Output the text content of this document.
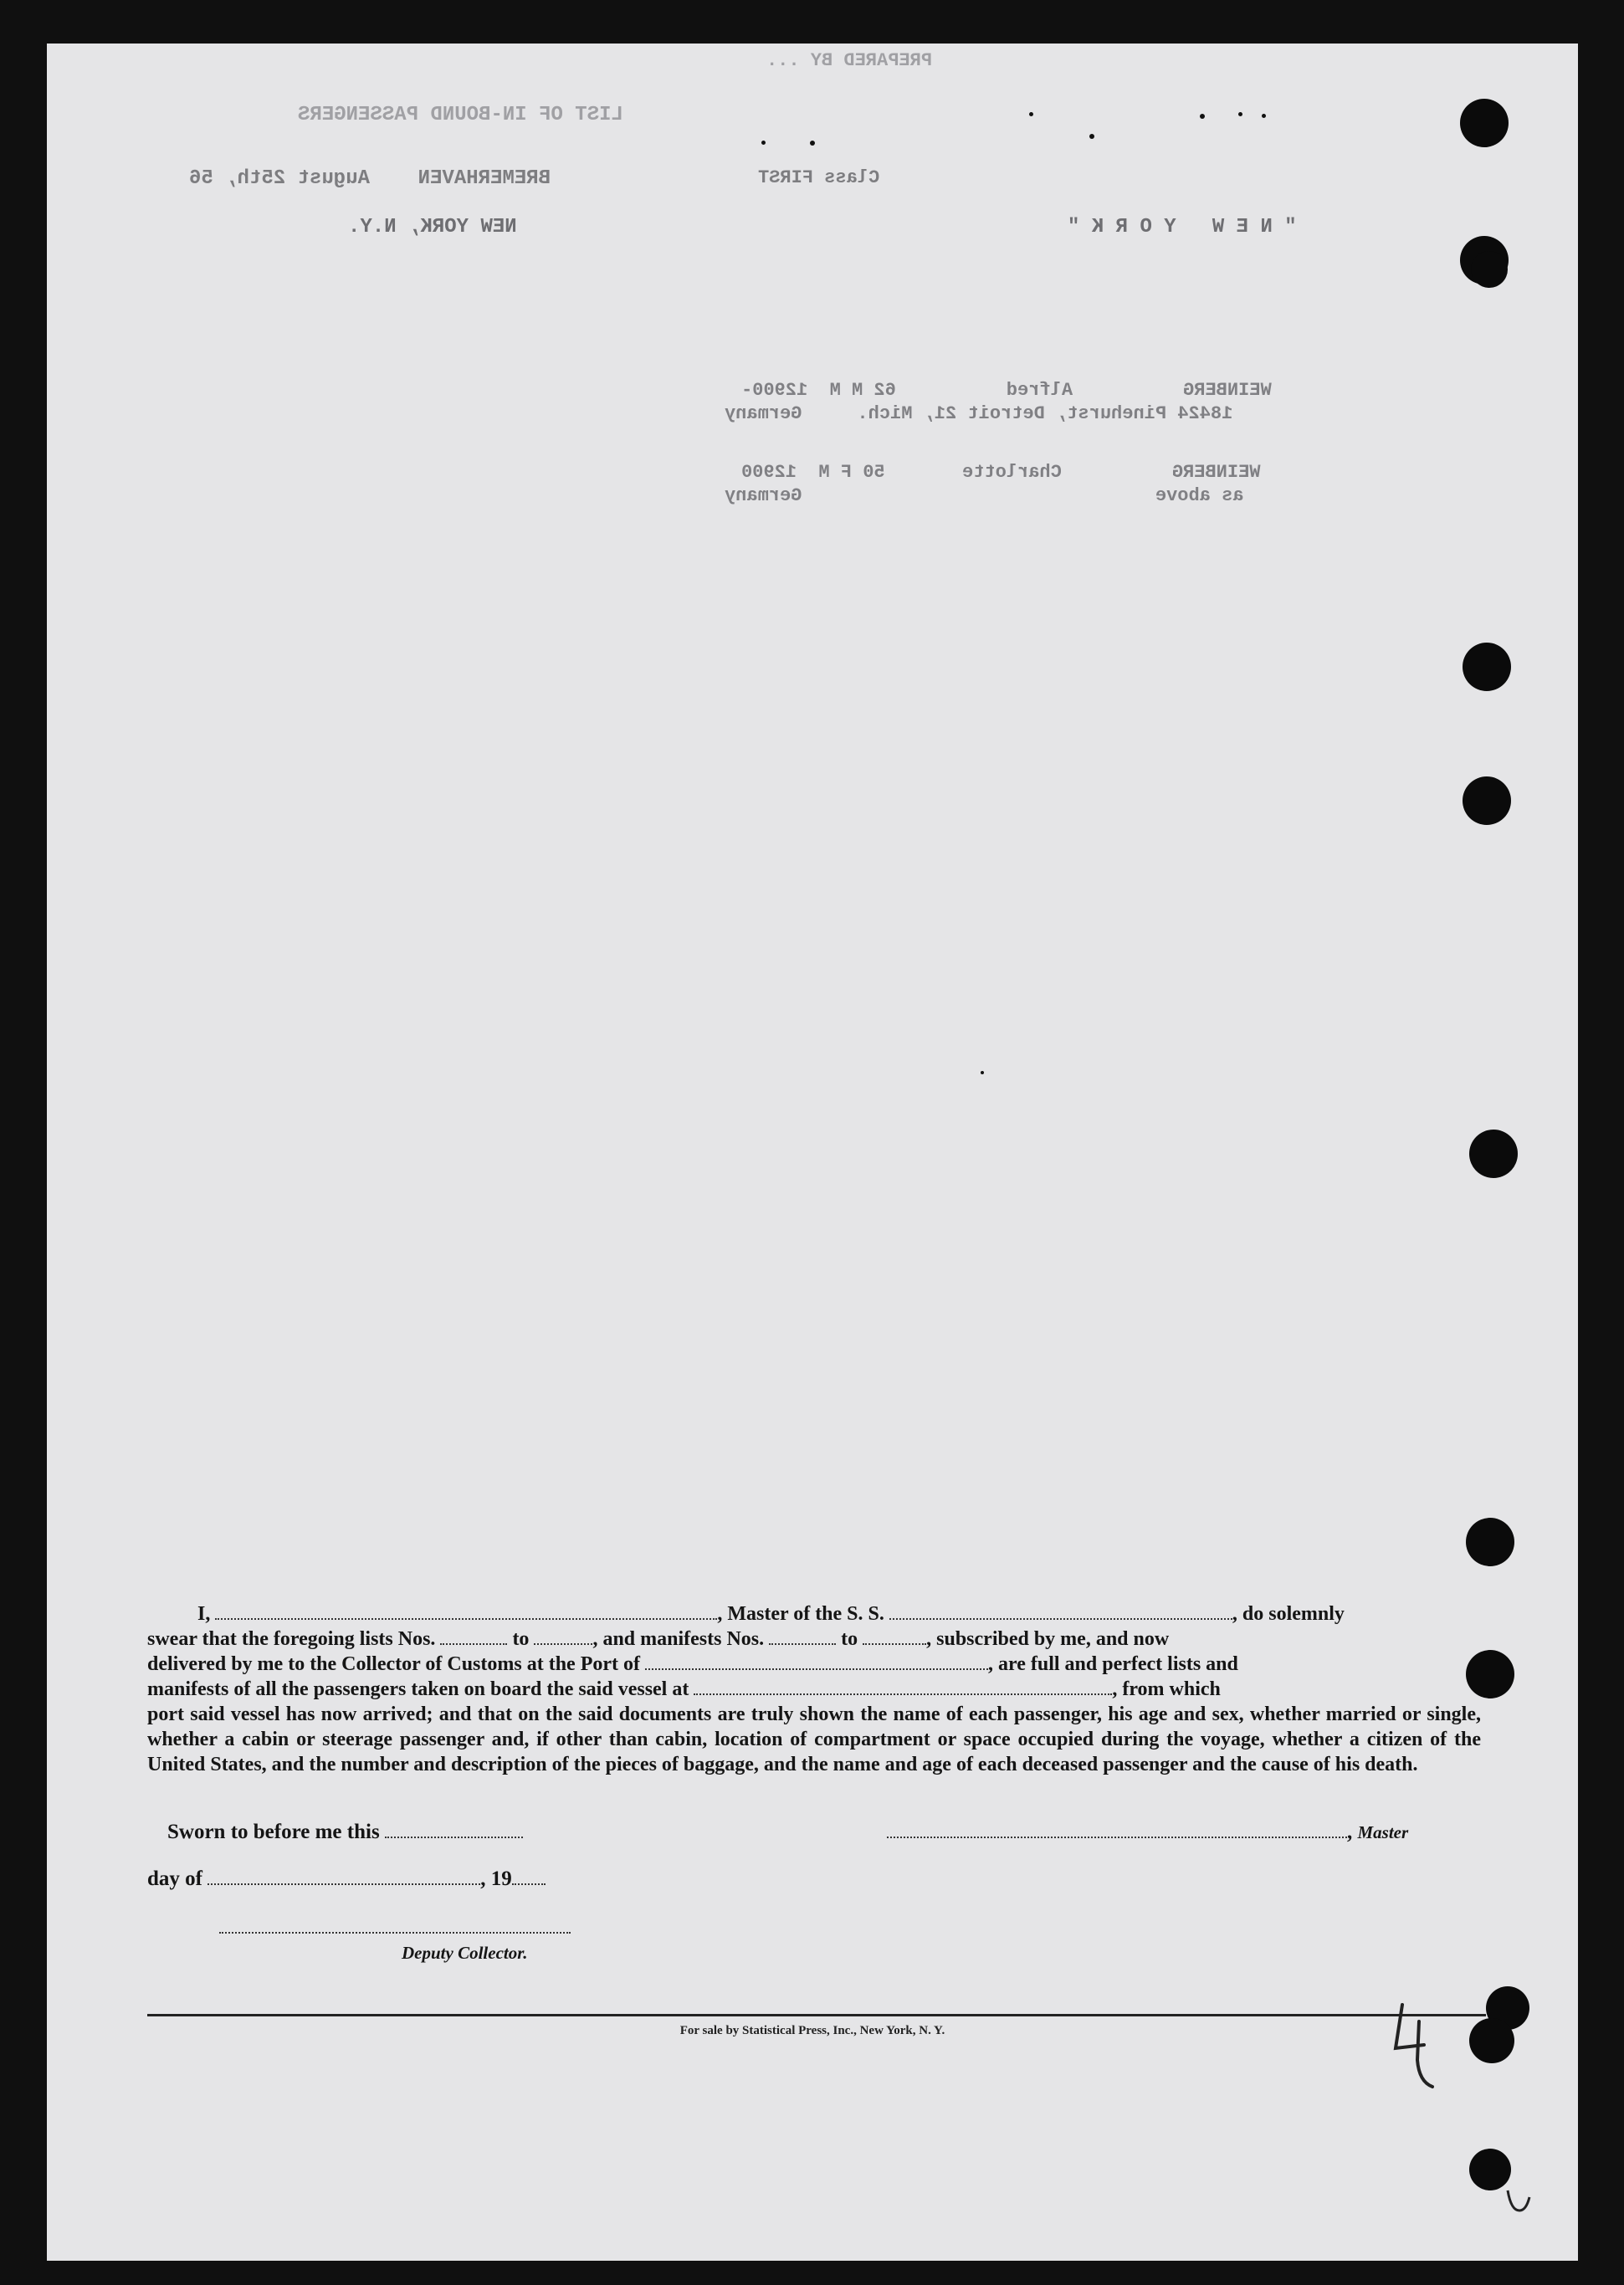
PREPARED BY ...
LIST OF IN-BOUND PASSENGERS
BREMERHAVEN    August 25th, 56	Class FIRST
NEW YORK, N.Y.	" N E W   Y O R K "
WEINBERG          Alfred          62 M M  12900-
18424 Pinehurst, Detroit 21, Mich.     Germany
WEINBERG          Charlotte       50 F M  12900
as above                                Germany
I,	, Master of the S. S.	, do solemnly
swear that the foregoing lists Nos.	to	, and manifests Nos.	to	, subscribed by me, and now
delivered by me to the Collector of Customs at the Port of	, are full and perfect lists and
manifests of all the passengers taken on board the said vessel at	, from which
port said vessel has now arrived; and that on the said documents are truly shown the name of each passenger, his age and sex, whether married or single, whether a cabin or steerage passenger and, if other than cabin, location of compartment or space occupied during the voyage, whether a citizen of the United States, and the number and description of the pieces of baggage, and the name and age of each deceased passenger and the cause of his death.
Sworn to before me this	, Master
day of	, 19
Deputy Collector.
For sale by Statistical Press, Inc., New York, N. Y.
